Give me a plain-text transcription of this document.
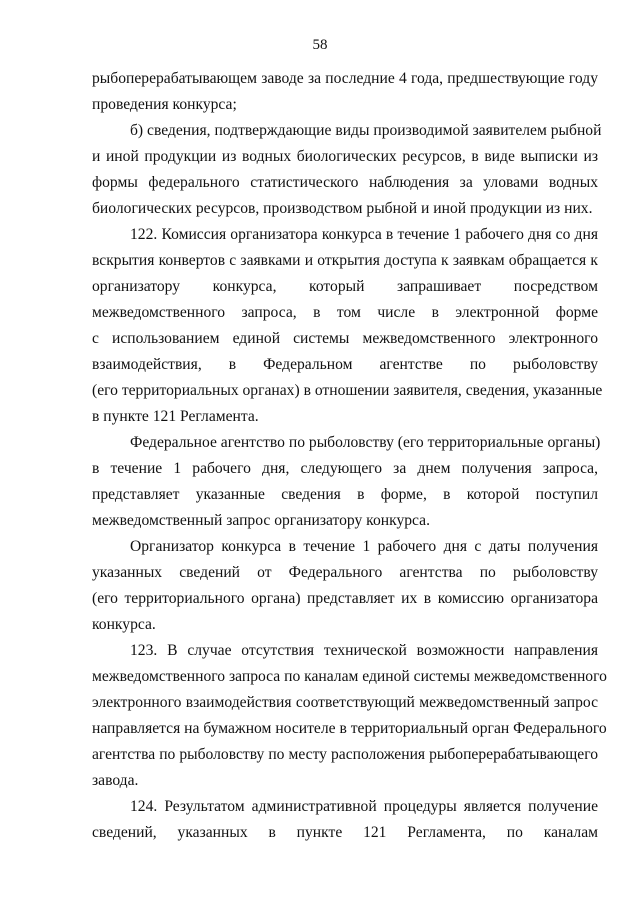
58

рыбоперерабатывающем заводе за последние 4 года, предшествующие году
проведения конкурса;

б) сведения, подтверждающие виды производимой заявителем рыбной
и иной продукции из водных биологических ресурсов, в виде выписки из
формы федерального статистического наблюдения за уловами водных
биологических ресурсов, производством рыбной и иной продукции из них.

122. Комиссия организатора конкурса в течение 1 рабочего дня со дня
вскрытия конвертов с заявками и открытия доступа к заявкам обращается к
организатору конкурса, который запрашивает посредством
межведомственного запроса, в том числе в электронной форме
с использованием единой системы межведомственного электронного
взаимодействия, в Федеральном агентстве по рыболовству
(его территориальных органах) в отношении заявителя, сведения, указанные
в пункте 121 Регламента.

Федеральное агентство по рыболовству (его территориальные органы)
в течение 1 рабочего дня, следующего за днем получения запроса,
представляет указанные сведения в форме, в которой поступил
межведомственный запрос организатору конкурса.

Организатор конкурса в течение 1 рабочего дня с даты получения
указанных сведений от Федерального агентства по рыболовству
(его территориального органа) представляет их в комиссию организатора
конкурса.

123. В случае отсутствия технической возможности направления
межведомственного запроса по каналам единой системы межведомственного
электронного взаимодействия соответствующий межведомственный запрос
направляется на бумажном носителе в территориальный орган Федерального
агентства по рыболовству по месту расположения рыбоперерабатывающего
завода.

124. Результатом административной процедуры является получение
сведений, указанных в пункте 121 Регламента, по каналам
